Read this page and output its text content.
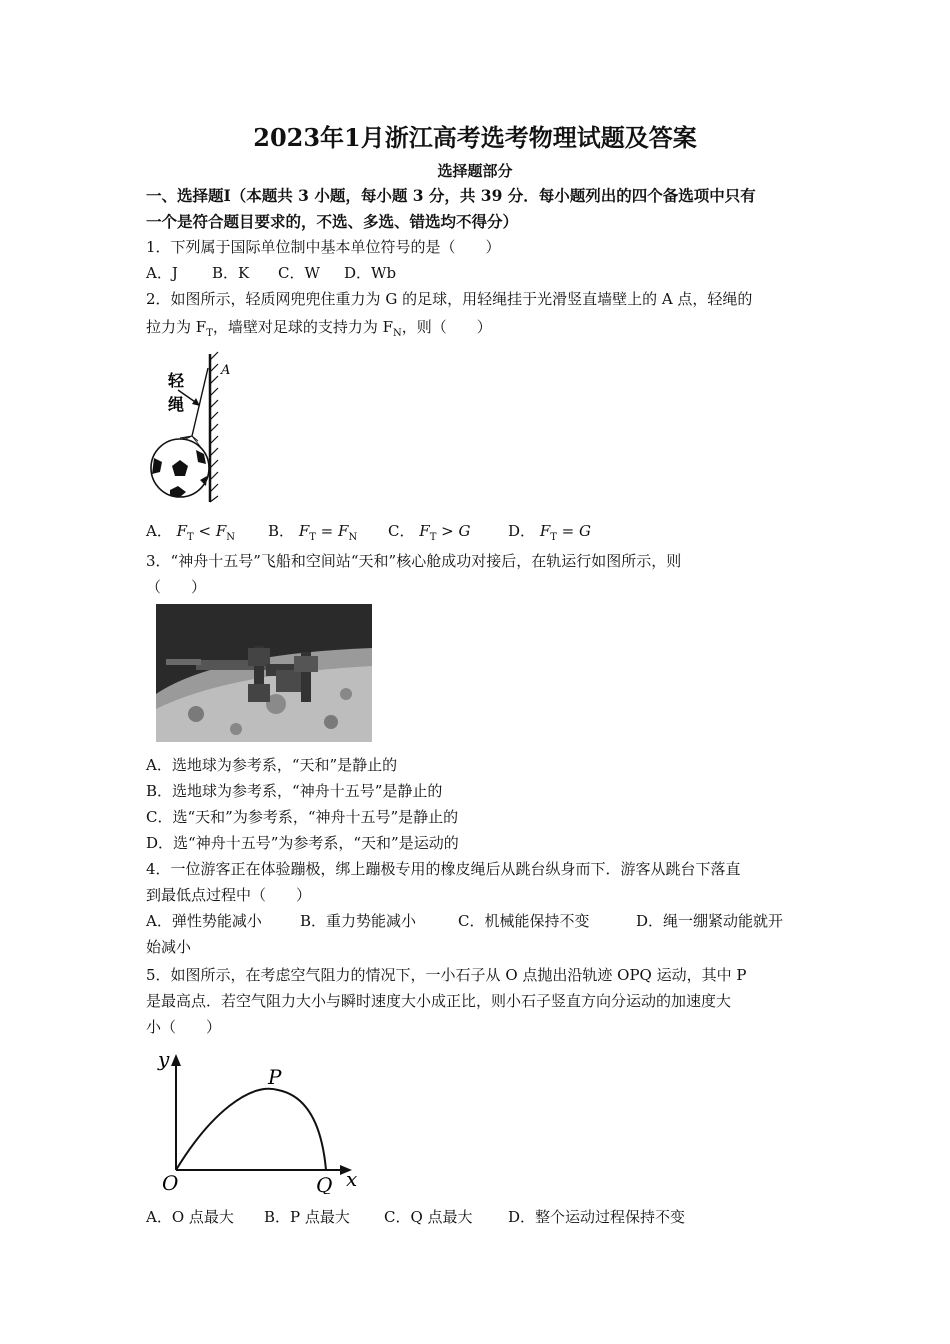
2023年1月浙江高考选考物理试题及答案
选择题部分
一、选择题Ⅰ（本题共 3 小题，每小题 3 分，共 39 分．每小题列出的四个备选项中只有
一个是符合题目要求的，不选、多选、错选均不得分）
1．下列属于国际单位制中基本单位符号的是（　　）
A．J B．K C．W D．Wb
2．如图所示，轻质网兜兜住重力为 G 的足球，用轻绳挂于光滑竖直墙壁上的 A 点，轻绳的
拉力为 $F_T$，墙壁对足球的支持力为 $F_N$，则（　　）
轻
绳
A
A． $F_T < F_N$ B． $F_T = F_N$ C． $F_T > G$	D． $F_T = G$
3．“神舟十五号”飞船和空间站“天和”核心舱成功对接后，在轨运行如图所示，则
（　　）
A．选地球为参考系，“天和”是静止的
B．选地球为参考系，“神舟十五号”是静止的
C．选“天和”为参考系，“神舟十五号”是静止的
D．选“神舟十五号”为参考系，“天和”是运动的
4．一位游客正在体验蹦极，绑上蹦极专用的橡皮绳后从跳台纵身而下．游客从跳台下落直
到最低点过程中（　　）
A．弹性势能减小	B．重力势能减小	C．机械能保持不变	D．绳一绷紧动能就开
始减小
5．如图所示，在考虑空气阻力的情况下，一小石子从 O 点抛出沿轨迹 OPQ 运动，其中 P
是最高点．若空气阻力大小与瞬时速度大小成正比，则小石子竖直方向分运动的加速度大
小（　　）
y
x
O
P
Q
A．O 点最大 B．P 点最大 C．Q 点最大 D．整个运动过程保持不变
